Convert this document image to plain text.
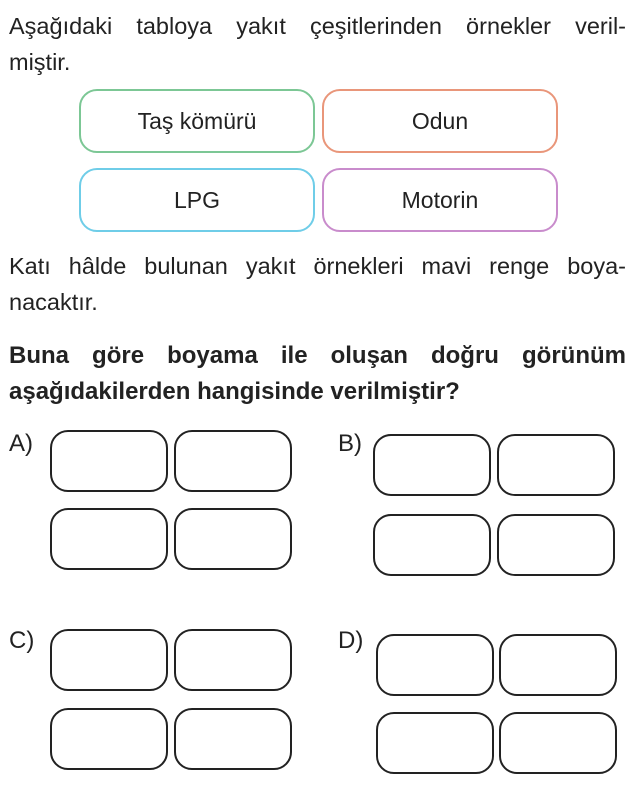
Aşağıdaki tabloya yakıt çeşitlerinden örnekler veril-
miştir.

Taş kömürü	Odun
LPG	Motorin

Katı hâlde bulunan yakıt örnekleri mavi renge boya-
nacaktır.

Buna göre boyama ile oluşan doğru görünüm
aşağıdakilerden hangisinde verilmiştir?

A)	B)
C)	D)
